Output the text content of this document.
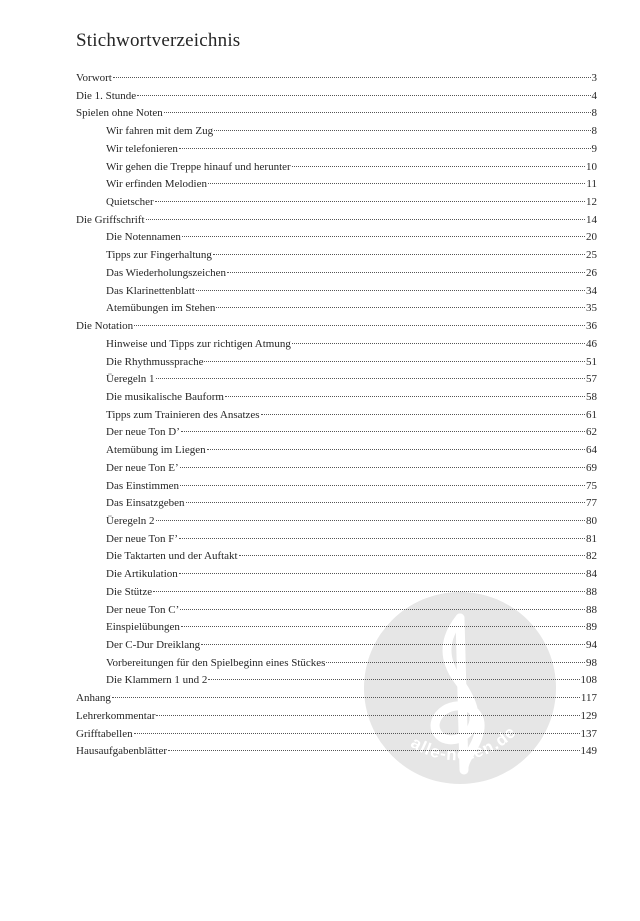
Stichwortverzeichnis
Vorwort	3
Die 1. Stunde	4
Spielen ohne Noten	8
Wir fahren mit dem Zug	8
Wir telefonieren	9
Wir gehen die Treppe hinauf und herunter	10
Wir erfinden Melodien	11
Quietscher	12
Die Griffschrift	14
Die Notennamen	20
Tipps zur Fingerhaltung	25
Das Wiederholungszeichen	26
Das Klarinettenblatt	34
Atemübungen im Stehen	35
Die Notation	36
Hinweise und Tipps zur richtigen Atmung	46
Die Rhythmussprache	51
Üeregeln 1	57
Die musikalische Bauform	58
Tipps zum Trainieren des Ansatzes	61
Der neue Ton D’	62
Atemübung im Liegen	64
Der neue Ton E’	69
Das Einstimmen	75
Das Einsatzgeben	77
Üeregeln 2	80
Der neue Ton F’	81
Die Taktarten und der Auftakt	82
Die Artikulation	84
Die Stütze	88
Der neue Ton C’	88
Einspielübungen	89
Der C-Dur Dreiklang	94
Vorbereitungen für den Spielbeginn eines Stückes	98
Die Klammern 1 und 2	108
Anhang	117
Lehrerkommentar	129
Grifftabellen	137
Hausaufgabenblätter	149
alle-noten.de
